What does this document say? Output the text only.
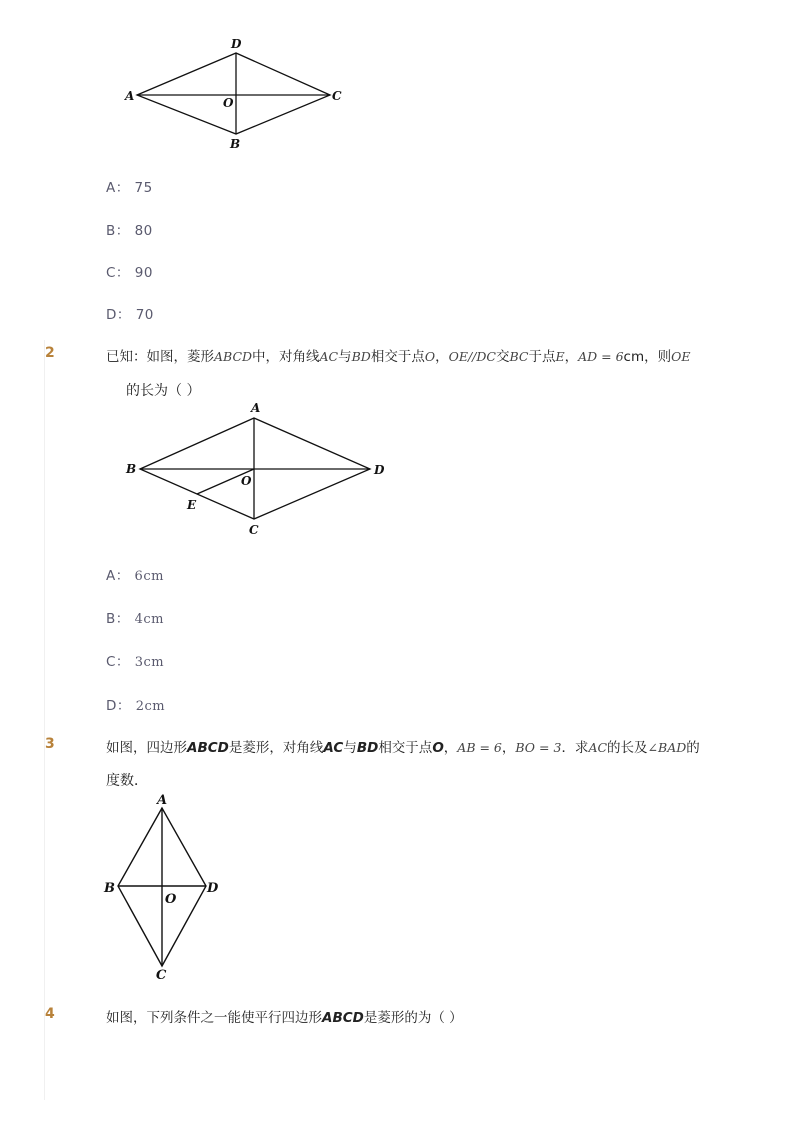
D
A	O	C
B
A： 75
B： 80
C： 90
D： 70
2	已知：如图，菱形ABCD中，对角线AC与BD相交于点O，OE//DC交BC于点E，AD = 6cm，则OE
的长为（ ）
A
B
O
D
E
C
A： 6cm
B： 4cm
C： 3cm
D： 2cm
3	如图，四边形ABCD是菱形，对角线AC与BD相交于点O，AB = 6，BO = 3．求AC的长及∠BAD的
度数．
A
B
O
D
C
4	如图，下列条件之一能使平行四边形ABCD是菱形的为（ ）
